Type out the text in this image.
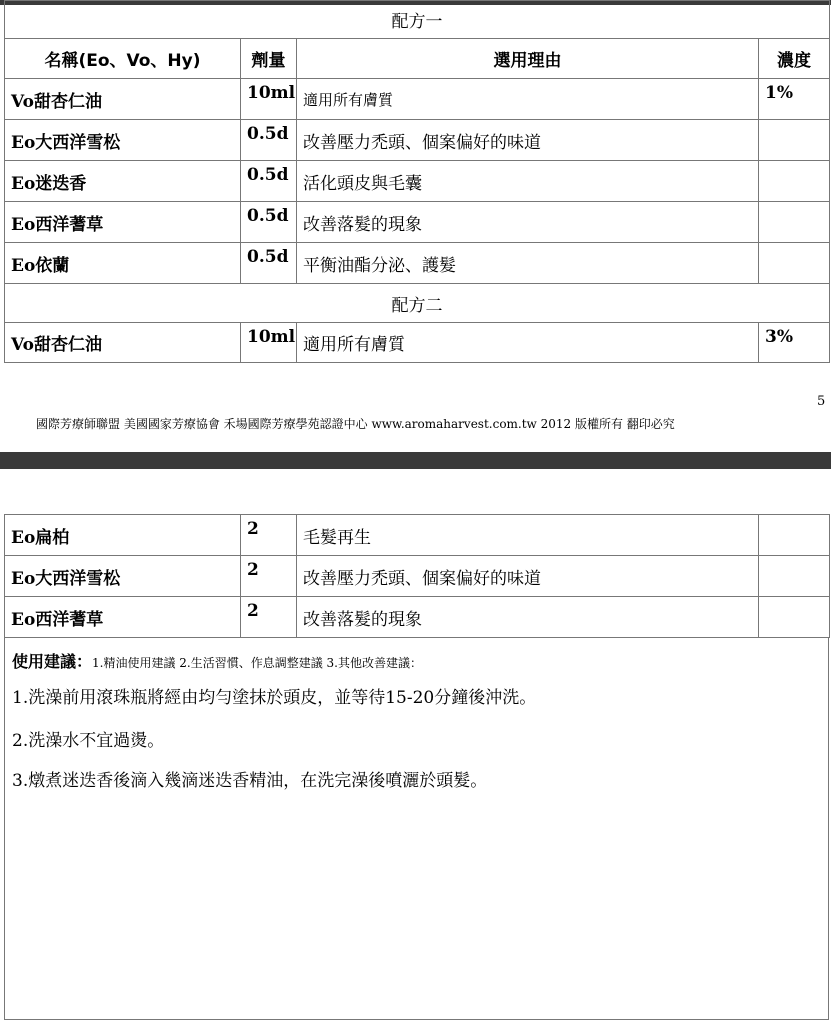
配方一			
名稱(Eo、Vo、Hy)	劑量	選用理由	濃度
Vo甜杏仁油	10ml	適用所有膚質	1%
Eo大西洋雪松	0.5d	改善壓力禿頭、個案偏好的味道	
Eo迷迭香	0.5d	活化頭皮與毛囊	
Eo西洋蓍草	0.5d	改善落髮的現象	
Eo依蘭	0.5d	平衡油酯分泌、護髮	
配方二			
Vo甜杏仁油	10ml	適用所有膚質	3%
5
國際芳療師聯盟 美國國家芳療協會 禾場國際芳療學苑認證中心 www.aromaharvest.com.tw 2012 版權所有 翻印必究
Eo扁柏	2	毛髮再生	
Eo大西洋雪松	2	改善壓力禿頭、個案偏好的味道	
Eo西洋蓍草	2	改善落髮的現象	
使用建議：1.精油使用建議 2.生活習慣、作息調整建議 3.其他改善建議：
1.洗澡前用滾珠瓶將經由均勻塗抹於頭皮，並等待15-20分鐘後沖洗。
2.洗澡水不宜過燙。
3.燉煮迷迭香後滴入幾滴迷迭香精油，在洗完澡後噴灑於頭髮。
